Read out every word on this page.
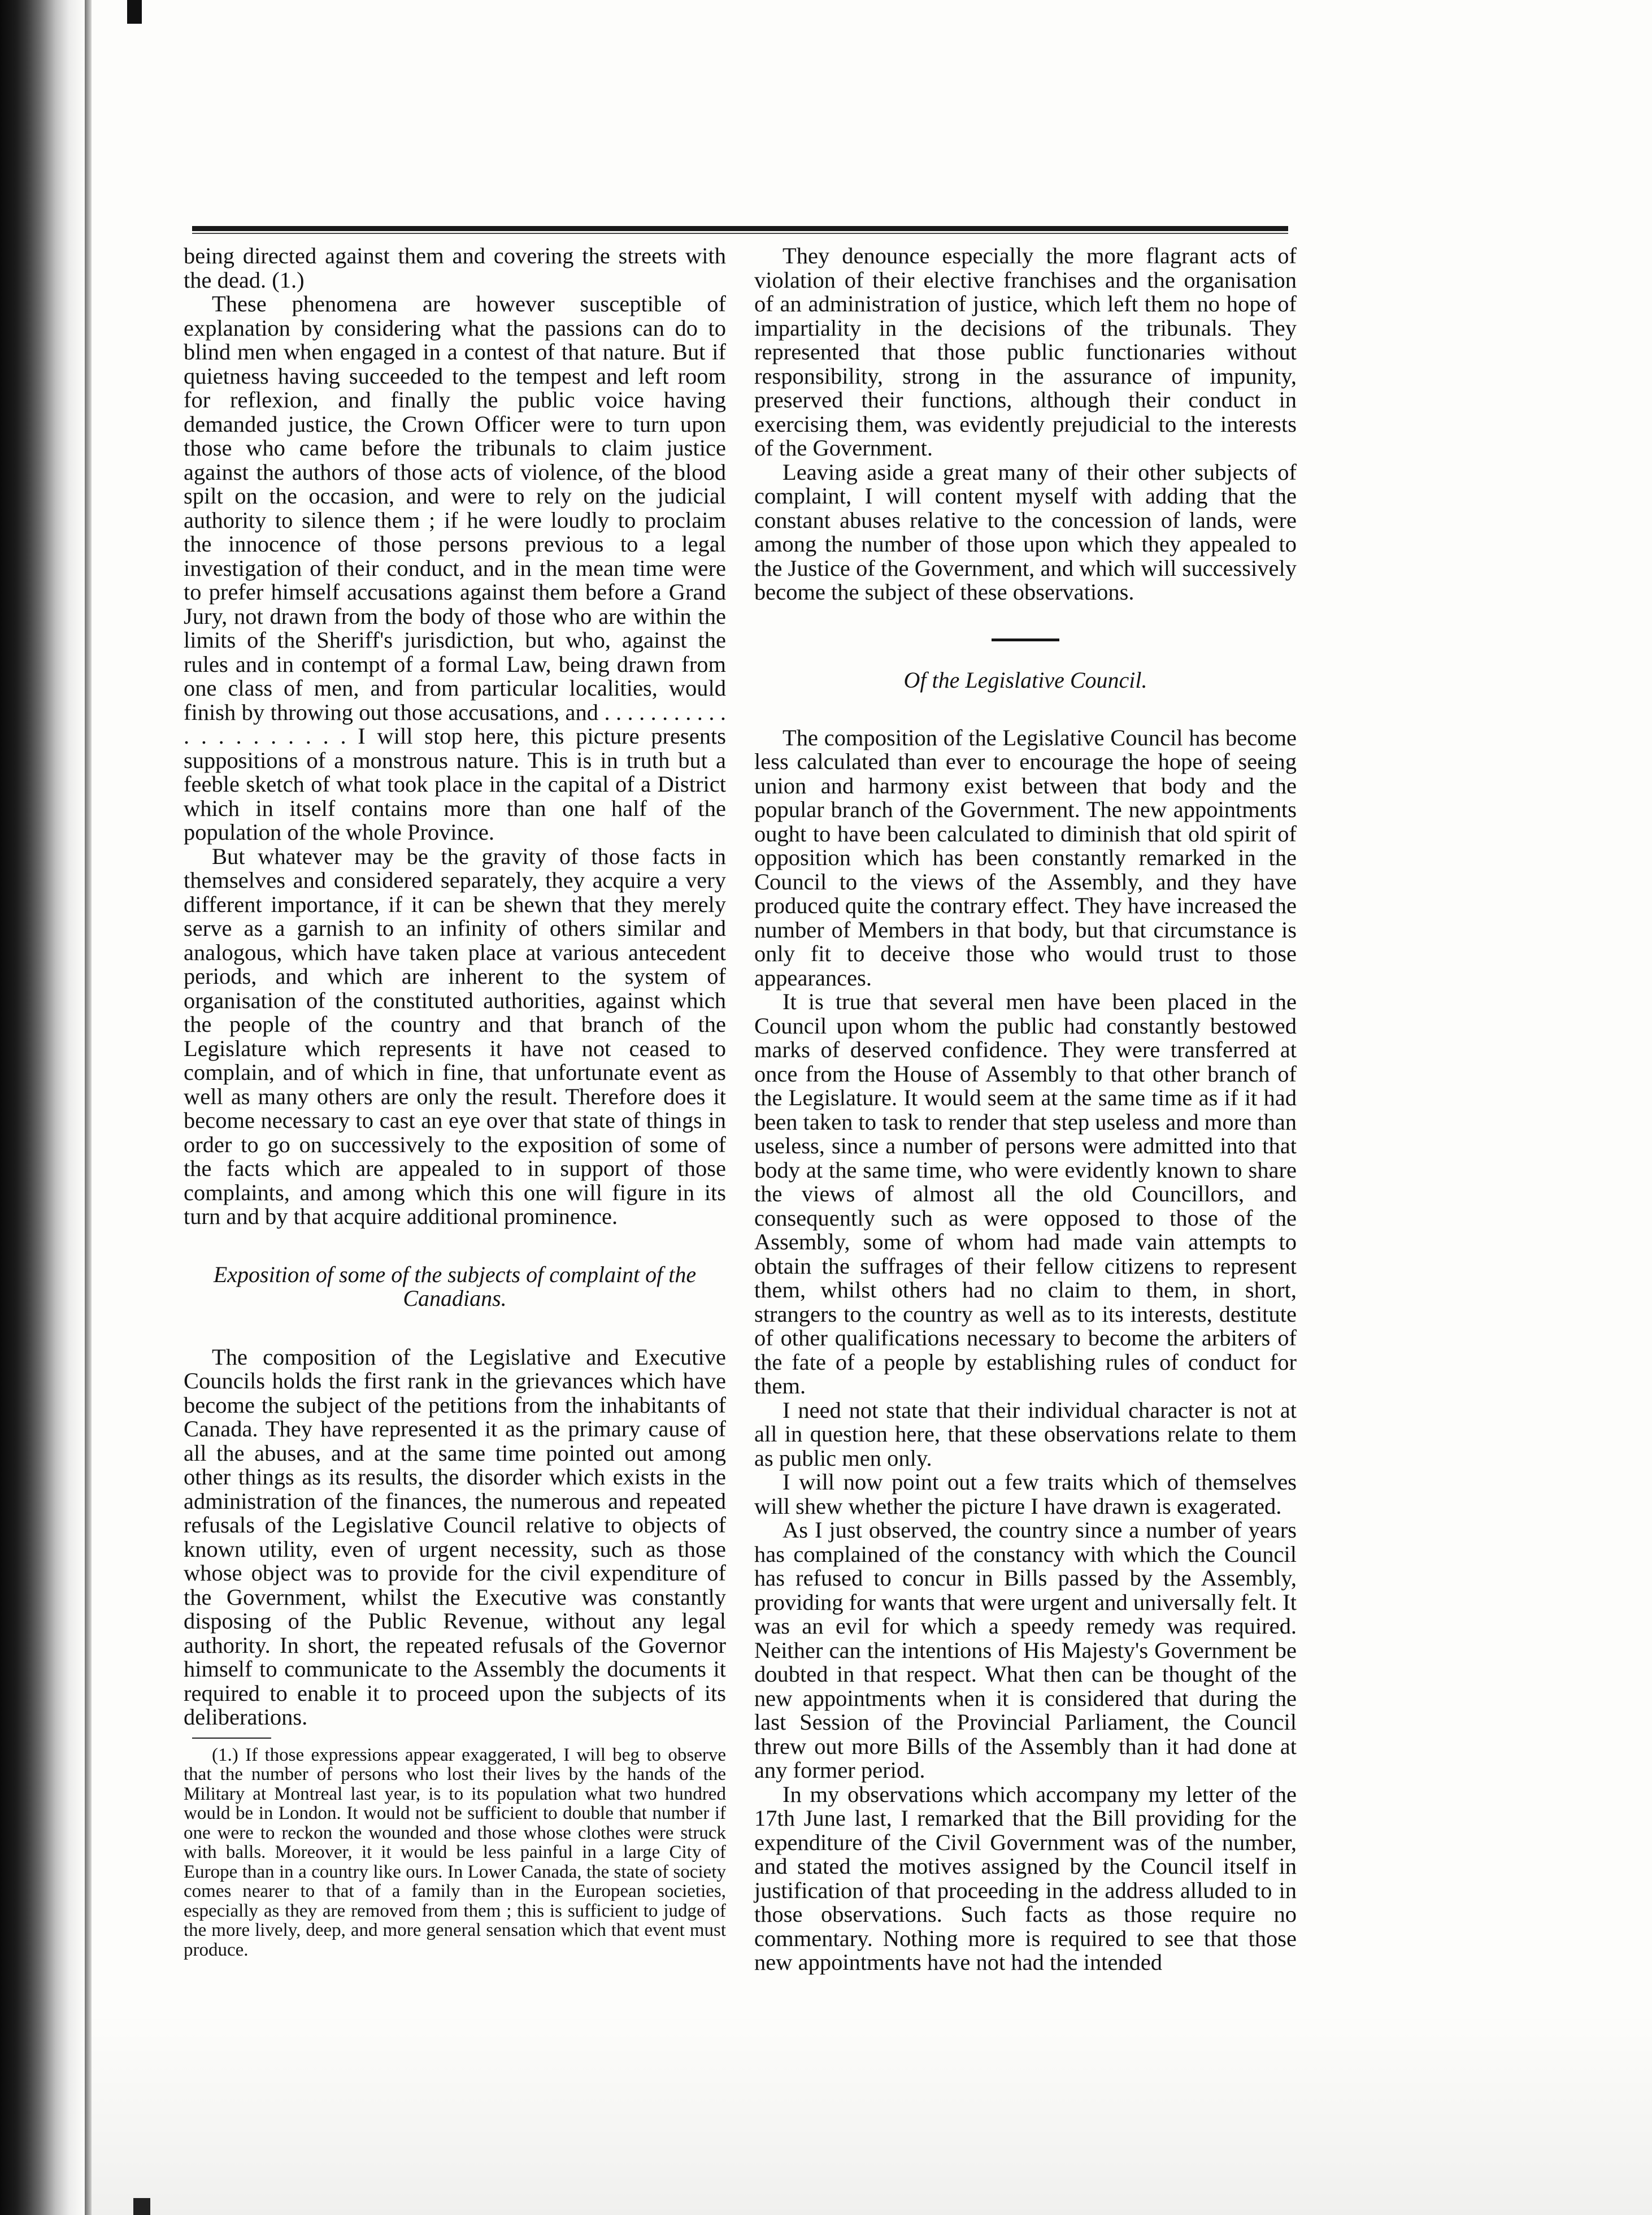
being directed against them and covering the streets with the dead. (1.)

These phenomena are however susceptible of explanation by considering what the passions can do to blind men when engaged in a contest of that nature. But if quietness having succeeded to the tempest and left room for reflexion, and finally the public voice having demanded justice, the Crown Officer were to turn upon those who came before the tribunals to claim justice against the authors of those acts of violence, of the blood spilt on the occasion, and were to rely on the judicial authority to silence them ; if he were loudly to proclaim the innocence of those persons previous to a legal investigation of their conduct, and in the mean time were to prefer himself accusations against them before a Grand Jury, not drawn from the body of those who are within the limits of the Sheriff's jurisdiction, but who, against the rules and in contempt of a formal Law, being drawn from one class of men, and from particular localities, would finish by throwing out those accusations, and . . . . . . . . . . . . . . . . . . . . . I will stop here, this picture presents suppositions of a monstrous nature. This is in truth but a feeble sketch of what took place in the capital of a District which in itself contains more than one half of the population of the whole Province.

But whatever may be the gravity of those facts in themselves and considered separately, they acquire a very different importance, if it can be shewn that they merely serve as a garnish to an infinity of others similar and analogous, which have taken place at various antecedent periods, and which are inherent to the system of organisation of the constituted authorities, against which the people of the country and that branch of the Legislature which represents it have not ceased to complain, and of which in fine, that unfortunate event as well as many others are only the result. Therefore does it become necessary to cast an eye over that state of things in order to go on successively to the exposition of some of the facts which are appealed to in support of those complaints, and among which this one will figure in its turn and by that acquire additional prominence.

Exposition of some of the subjects of complaint of the Canadians.

The composition of the Legislative and Executive Councils holds the first rank in the grievances which have become the subject of the petitions from the inhabitants of Canada. They have represented it as the primary cause of all the abuses, and at the same time pointed out among other things as its results, the disorder which exists in the administration of the finances, the numerous and repeated refusals of the Legislative Council relative to objects of known utility, even of urgent necessity, such as those whose object was to provide for the civil expenditure of the Government, whilst the Executive was constantly disposing of the Public Revenue, without any legal authority. In short, the repeated refusals of the Governor himself to communicate to the Assembly the documents it required to enable it to proceed upon the subjects of its deliberations.

(1.) If those expressions appear exaggerated, I will beg to observe that the number of persons who lost their lives by the hands of the Military at Montreal last year, is to its population what two hundred would be in London. It would not be sufficient to double that number if one were to reckon the wounded and those whose clothes were struck with balls. Moreover, it it would be less painful in a large City of Europe than in a country like ours. In Lower Canada, the state of society comes nearer to that of a family than in the European societies, especially as they are removed from them ; this is sufficient to judge of the more lively, deep, and more general sensation which that event must produce.

They denounce especially the more flagrant acts of violation of their elective franchises and the organisation of an administration of justice, which left them no hope of impartiality in the decisions of the tribunals. They represented that those public functionaries without responsibility, strong in the assurance of impunity, preserved their functions, although their conduct in exercising them, was evidently prejudicial to the interests of the Government.

Leaving aside a great many of their other subjects of complaint, I will content myself with adding that the constant abuses relative to the concession of lands, were among the number of those upon which they appealed to the Justice of the Government, and which will successively become the subject of these observations.

Of the Legislative Council.

The composition of the Legislative Council has become less calculated than ever to encourage the hope of seeing union and harmony exist between that body and the popular branch of the Government. The new appointments ought to have been calculated to diminish that old spirit of opposition which has been constantly remarked in the Council to the views of the Assembly, and they have produced quite the contrary effect. They have increased the number of Members in that body, but that circumstance is only fit to deceive those who would trust to those appearances.

It is true that several men have been placed in the Council upon whom the public had constantly bestowed marks of deserved confidence. They were transferred at once from the House of Assembly to that other branch of the Legislature. It would seem at the same time as if it had been taken to task to render that step useless and more than useless, since a number of persons were admitted into that body at the same time, who were evidently known to share the views of almost all the old Councillors, and consequently such as were opposed to those of the Assembly, some of whom had made vain attempts to obtain the suffrages of their fellow citizens to represent them, whilst others had no claim to them, in short, strangers to the country as well as to its interests, destitute of other qualifications necessary to become the arbiters of the fate of a people by establishing rules of conduct for them.

I need not state that their individual character is not at all in question here, that these observations relate to them as public men only.

I will now point out a few traits which of themselves will shew whether the picture I have drawn is exagerated.

As I just observed, the country since a number of years has complained of the constancy with which the Council has refused to concur in Bills passed by the Assembly, providing for wants that were urgent and universally felt. It was an evil for which a speedy remedy was required. Neither can the intentions of His Majesty's Government be doubted in that respect. What then can be thought of the new appointments when it is considered that during the last Session of the Provincial Parliament, the Council threw out more Bills of the Assembly than it had done at any former period.

In my observations which accompany my letter of the 17th June last, I remarked that the Bill providing for the expenditure of the Civil Government was of the number, and stated the motives assigned by the Council itself in justification of that proceeding in the address alluded to in those observations. Such facts as those require no commentary. Nothing more is required to see that those new appointments have not had the intended
